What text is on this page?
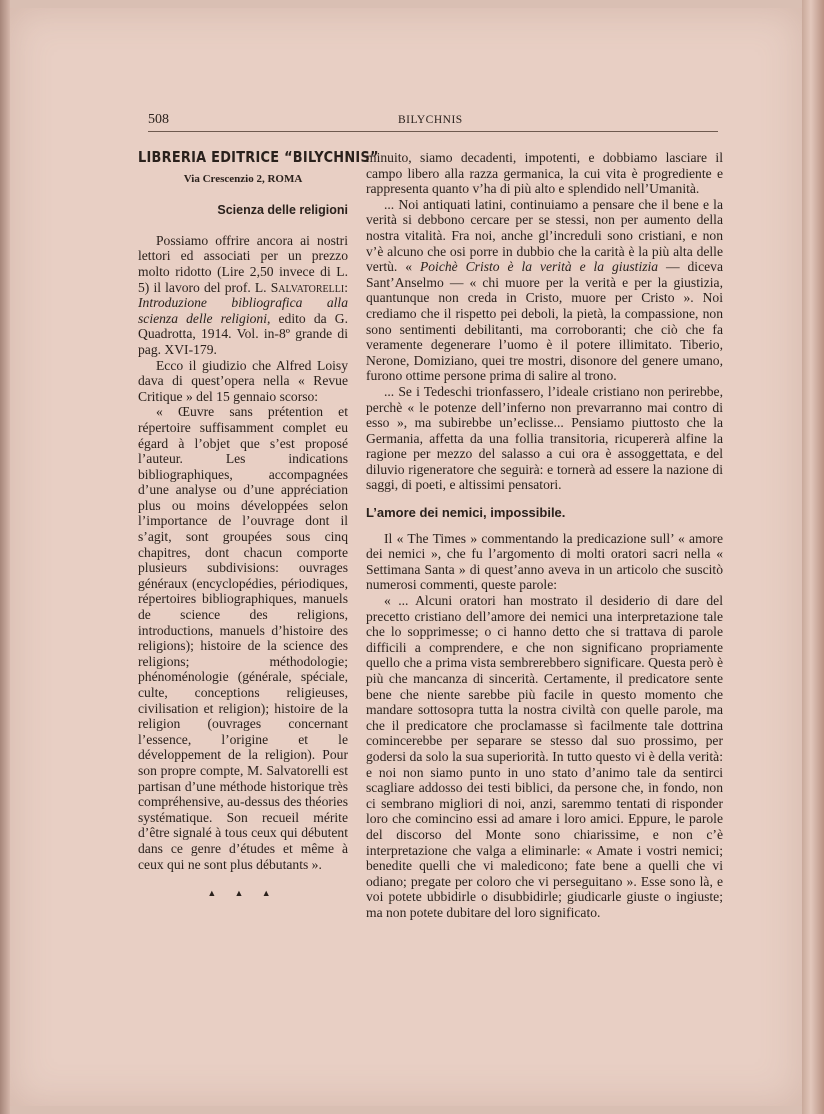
508	BILYCHNIS
LIBRERIA EDITRICE “BILYCHNIS”
Via Crescenzio 2, ROMA
Scienza delle religioni

Possiamo offrire ancora ai nostri lettori ed associati per un prezzo molto ridotto (Lire 2,50 invece di L. 5) il lavoro del prof. L. Salvatorelli: Introduzione bibliografica alla scienza delle religioni, edito da G. Quadrotta, 1914. Vol. in-8º grande di pag. XVI-179.

Ecco il giudizio che Alfred Loisy dava di quest’opera nella « Revue Critique » del 15 gennaio scorso:

« Œuvre sans prétention et répertoire suffisamment complet eu égard à l’objet que s’est proposé l’auteur. Les indications bibliographiques, accompagnées d’une analyse ou d’une appréciation plus ou moins développées selon l’importance de l’ouvrage dont il s’agit, sont groupées sous cinq chapitres, dont chacun comporte plusieurs subdivisions: ouvrages généraux (encyclopédies, périodiques, répertoires bibliographiques, manuels de science des religions, introductions, manuels d’histoire des religions); histoire de la science des religions; méthodologie; phénoménologie (générale, spéciale, culte, conceptions religieuses, civilisation et religion); histoire de la religion (ouvrages concernant l’essence, l’origine et le développement de la religion). Pour son propre compte, M. Salvatorelli est partisan d’une méthode historique très compréhensive, au-dessus des théories systématique. Son recueil mérite d’être signalé à tous ceux qui débutent dans ce genre d’études et même à ceux qui ne sont plus débutants ».

▲ ▲ ▲

minuito, siamo decadenti, impotenti, e dobbiamo lasciare il campo libero alla razza germanica, la cui vita è progrediente e rappresenta quanto v’ha di più alto e splendido nell’Umanità.

... Noi antiquati latini, continuiamo a pensare che il bene e la verità si debbono cercare per se stessi, non per aumento della nostra vitalità. Fra noi, anche gl’increduli sono cristiani, e non v’è alcuno che osi porre in dubbio che la carità è la più alta delle vertù. « Poichè Cristo è la verità e la giustizia — diceva Sant’Anselmo — « chi muore per la verità e per la giustizia, quantunque non creda in Cristo, muore per Cristo ». Noi crediamo che il rispetto pei deboli, la pietà, la compassione, non sono sentimenti debilitanti, ma corroboranti; che ciò che fa veramente degenerare l’uomo è il potere illimitato. Tiberio, Nerone, Domiziano, quei tre mostri, disonore del genere umano, furono ottime persone prima di salire al trono.

... Se i Tedeschi trionfassero, l’ideale cristiano non perirebbe, perchè « le potenze dell’inferno non prevarranno mai contro di esso », ma subirebbe un’eclisse... Pensiamo piuttosto che la Germania, affetta da una follia transitoria, ricupererà alfine la ragione per mezzo del salasso a cui ora è assoggettata, e del diluvio rigeneratore che seguirà: e tornerà ad essere la nazione di saggi, di poeti, e altissimi pensatori.

L’amore dei nemici, impossibile.

Il « The Times » commentando la predicazione sull’ « amore dei nemici », che fu l’argomento di molti oratori sacri nella « Settimana Santa » di quest’anno aveva in un articolo che suscitò numerosi commenti, queste parole:

« ... Alcuni oratori han mostrato il desiderio di dare del precetto cristiano dell’amore dei nemici una interpretazione tale che lo sopprimesse; o ci hanno detto che si trattava di parole difficili a comprendere, e che non significano propriamente quello che a prima vista sembrerebbero significare. Questa però è più che mancanza di sincerità. Certamente, il predicatore sente bene che niente sarebbe più facile in questo momento che mandare sottosopra tutta la nostra civiltà con quelle parole, ma che il predicatore che proclamasse sì facilmente tale dottrina comincerebbe per separare se stesso dal suo prossimo, per godersi da solo la sua superiorità. In tutto questo vi è della verità: e noi non siamo punto in uno stato d’animo tale da sentirci scagliare addosso dei testi biblici, da persone che, in fondo, non ci sembrano migliori di noi, anzi, saremmo tentati di risponder loro che comincino essi ad amare i loro amici. Eppure, le parole del discorso del Monte sono chiarissime, e non c’è interpretazione che valga a eliminarle: « Amate i vostri nemici; benedite quelli che vi maledicono; fate bene a quelli che vi odiano; pregate per coloro che vi perseguitano ». Esse sono là, e voi potete ubbidirle o disubbidirle; giudicarle giuste o ingiuste; ma non potete dubitare del loro significato.
